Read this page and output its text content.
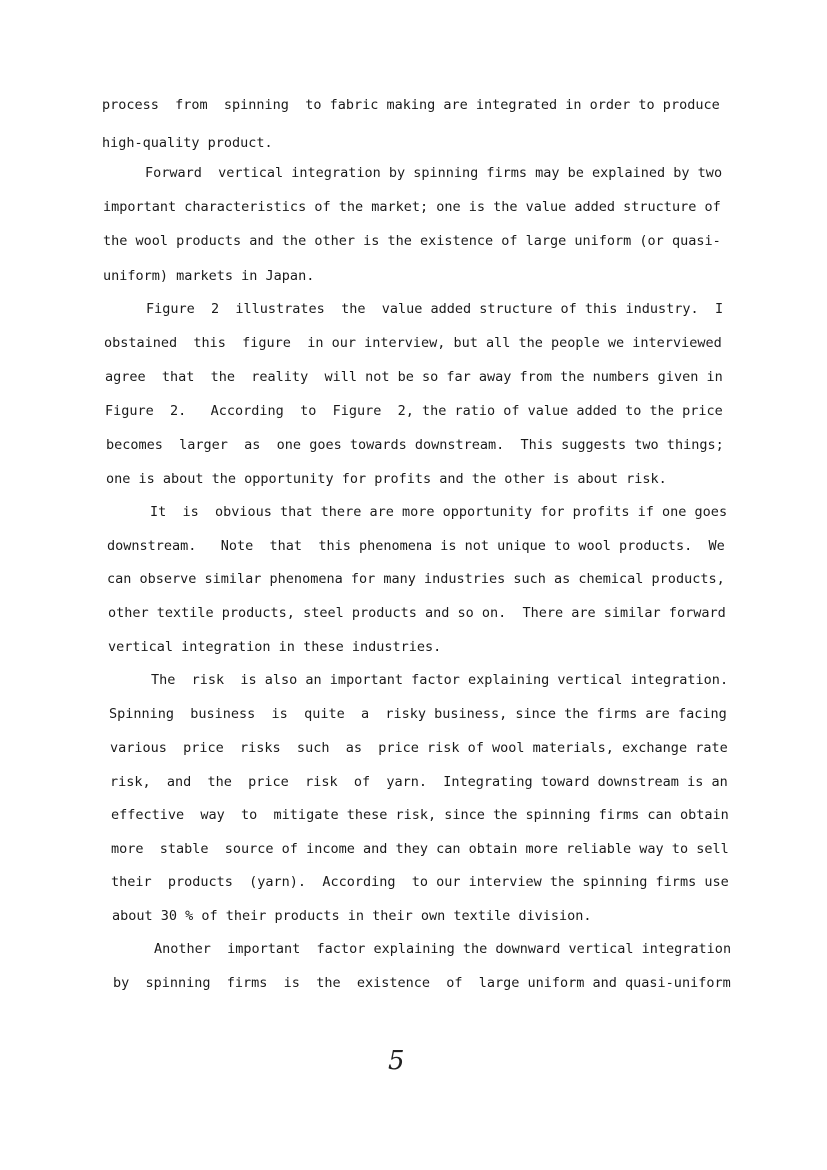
process  from  spinning  to fabric making are integrated in order to produce
high-quality product.
Forward  vertical integration by spinning firms may be explained by two
important characteristics of the market; one is the value added structure of
the wool products and the other is the existence of large uniform (or quasi-
uniform) markets in Japan.
Figure  2  illustrates  the  value added structure of this industry.  I
obstained  this  figure  in our interview, but all the people we interviewed
agree  that  the  reality  will not be so far away from the numbers given in
Figure  2.   According  to  Figure  2, the ratio of value added to the price
becomes  larger  as  one goes towards downstream.  This suggests two things;
one is about the opportunity for profits and the other is about risk.
It  is  obvious that there are more opportunity for profits if one goes
downstream.   Note  that  this phenomena is not unique to wool products.  We
can observe similar phenomena for many industries such as chemical products,
other textile products, steel products and so on.  There are similar forward
vertical integration in these industries.
The  risk  is also an important factor explaining vertical integration.
Spinning  business  is  quite  a  risky business, since the firms are facing
various  price  risks  such  as  price risk of wool materials, exchange rate
risk,  and  the  price  risk  of  yarn.  Integrating toward downstream is an
effective  way  to  mitigate these risk, since the spinning firms can obtain
more  stable  source of income and they can obtain more reliable way to sell
their  products  (yarn).  According  to our interview the spinning firms use
about 30 % of their products in their own textile division.
Another  important  factor explaining the downward vertical integration
by  spinning  firms  is  the  existence  of  large uniform and quasi-uniform
5
